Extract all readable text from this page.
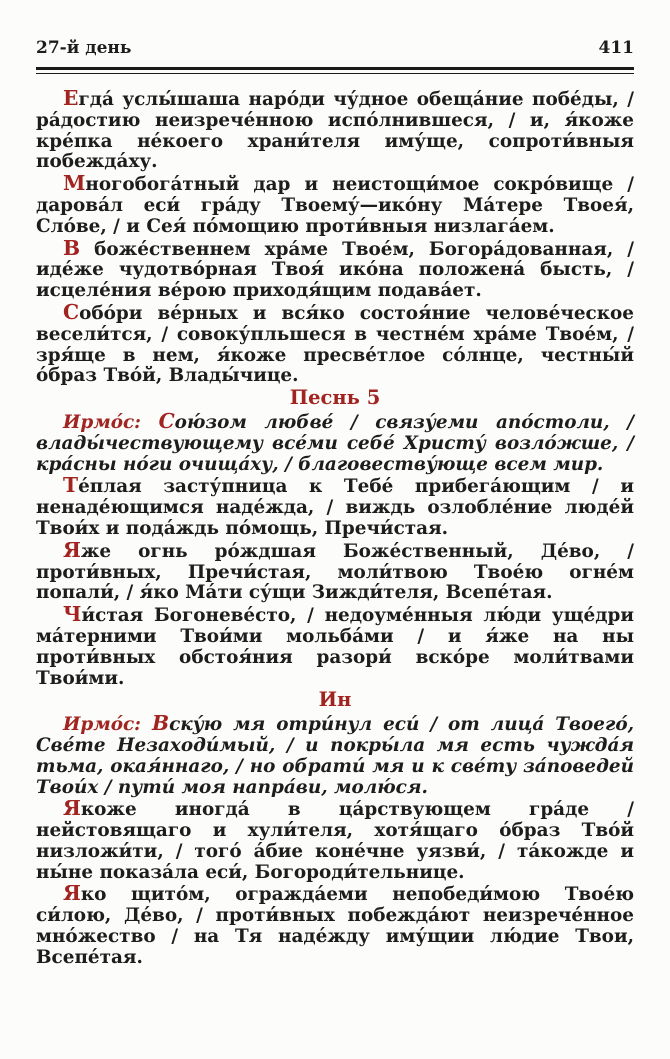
27-й день	411

Егда́ услы́шаша наро́ди чу́дное обеща́ние побе́ды, / ра́достию неизрече́нною испо́лнившеся, / и, я́коже кре́пка не́коего храни́теля иму́ще, сопроти́вныя побежда́ху.

Многобога́тный дар и неистощи́мое сокро́вище / дарова́л еси́ гра́ду Твоему́—ико́ну Ма́тере Твоея́, Сло́ве, / и Сея́ по́мощию проти́вныя низлага́ем.

В боже́ственнем хра́ме Твое́м, Богора́дованная, / иде́же чудотво́рная Твоя́ ико́на положена́ бысть, / исцеле́ния ве́рою приходя́щим подава́ет.

Собо́ри ве́рных и вся́ко состоя́ние челове́ческое весели́тся, / совоку́пльшеся в честне́м хра́ме Твое́м, / зря́ще в нем, я́коже пресве́тлое со́лнце, честны́й о́браз Тво́й, Влады́чице.

Песнь 5

Ирмо́с: Сою́зом любве́ / связу́еми апо́столи, / влады́чествующему все́ми себе́ Христу́ возло́жше, / кра́сны но́ги очища́ху, / благовеству́юще всем мир.

Те́плая засту́пница к Тебе́ прибега́ющим / и ненаде́ющимся наде́жда, / виждь озлобле́ние люде́й Твои́х и пода́ждь по́мощь, Пречи́стая.

Яже огнь ро́ждшая Боже́ственный, Де́во, / проти́вных, Пречи́стая, моли́твою Твое́ю огне́м попали́, / я́ко Ма́ти су́щи Зижди́теля, Всепе́тая.

Чи́стая Богоневе́сто, / недоуме́нныя лю́ди уще́дри ма́терними Твои́ми мольба́ми / и я́же на ны проти́вных обстоя́ния разори́ вско́ре моли́твами Твои́ми.

Ин

Ирмо́с: Вску́ю мя отри́нул еси́ / от лица́ Твоего́, Све́те Незаходи́мый, / и покры́ла мя есть чужда́я тьма, окая́ннаго, / но обрати́ мя и к све́ту за́поведей Твои́х / пути́ моя напра́ви, молю́ся.

Якоже иногда́ в ца́рствующем гра́де / нейстовящаго и хули́теля, хотя́щаго о́браз Тво́й низложи́ти, / того́ а́бие коне́чне уязви́, / та́кожде и ны́не показа́ла еси́, Богороди́тельнице.

Яко щито́м, огражда́еми непобеди́мою Твое́ю си́лою, Де́во, / проти́вных побежда́ют неизрече́нное мно́жество / на Тя наде́жду иму́щии лю́дие Твои, Всепе́тая.
